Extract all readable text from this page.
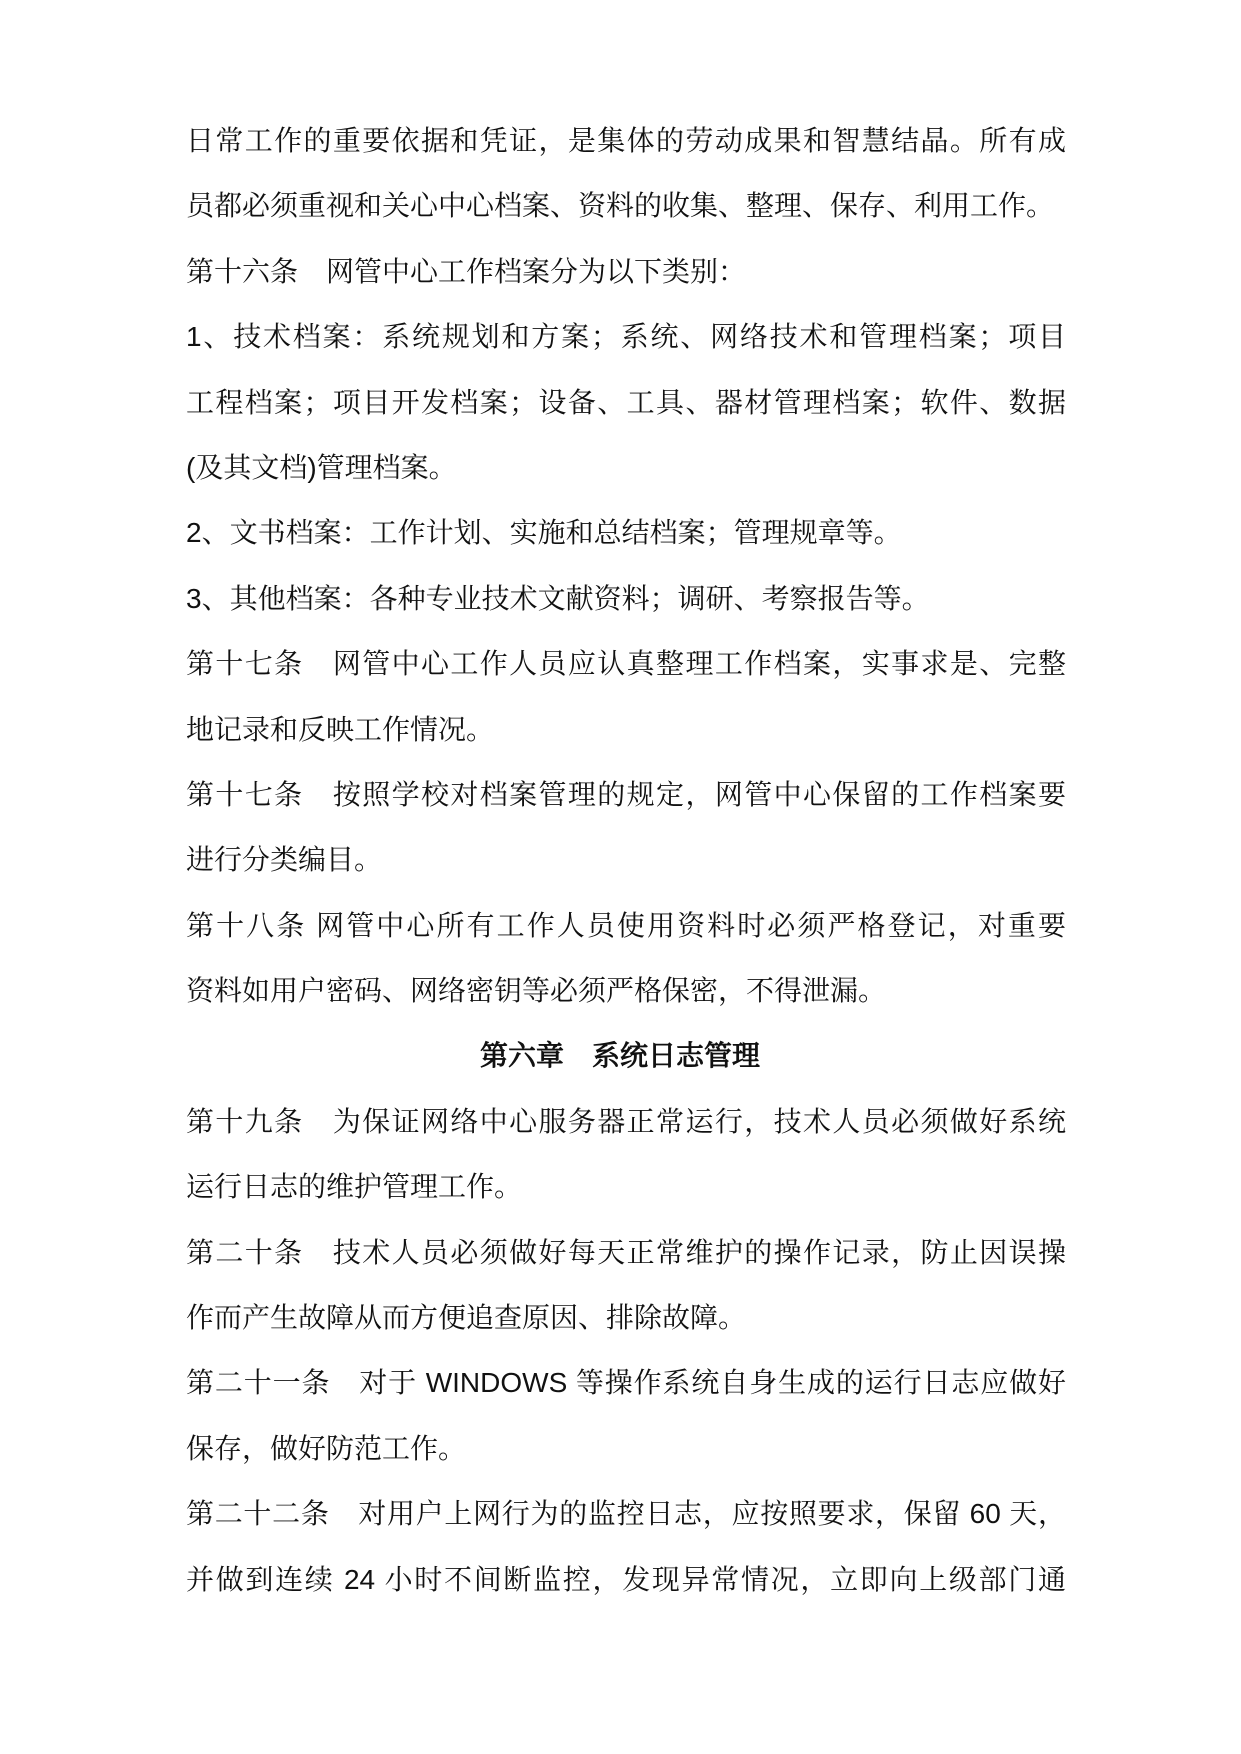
日常工作的重要依据和凭证，是集体的劳动成果和智慧结晶。所有成
员都必须重视和关心中心档案、资料的收集、整理、保存、利用工作。
第十六条　网管中心工作档案分为以下类别：
1、技术档案：系统规划和方案；系统、网络技术和管理档案；项目
工程档案；项目开发档案；设备、工具、器材管理档案；软件、数据
(及其文档)管理档案。
2、文书档案：工作计划、实施和总结档案；管理规章等。
3、其他档案：各种专业技术文献资料；调研、考察报告等。
第十七条　网管中心工作人员应认真整理工作档案，实事求是、完整
地记录和反映工作情况。
第十七条　按照学校对档案管理的规定，网管中心保留的工作档案要
进行分类编目。
第十八条 网管中心所有工作人员使用资料时必须严格登记，对重要
资料如用户密码、网络密钥等必须严格保密，不得泄漏。
第六章　系统日志管理
第十九条　为保证网络中心服务器正常运行，技术人员必须做好系统
运行日志的维护管理工作。
第二十条　技术人员必须做好每天正常维护的操作记录，防止因误操
作而产生故障从而方便追查原因、排除故障。
第二十一条　对于 WINDOWS 等操作系统自身生成的运行日志应做好
保存，做好防范工作。
第二十二条　对用户上网行为的监控日志，应按照要求，保留 60 天，
并做到连续 24 小时不间断监控，发现异常情况，立即向上级部门通
